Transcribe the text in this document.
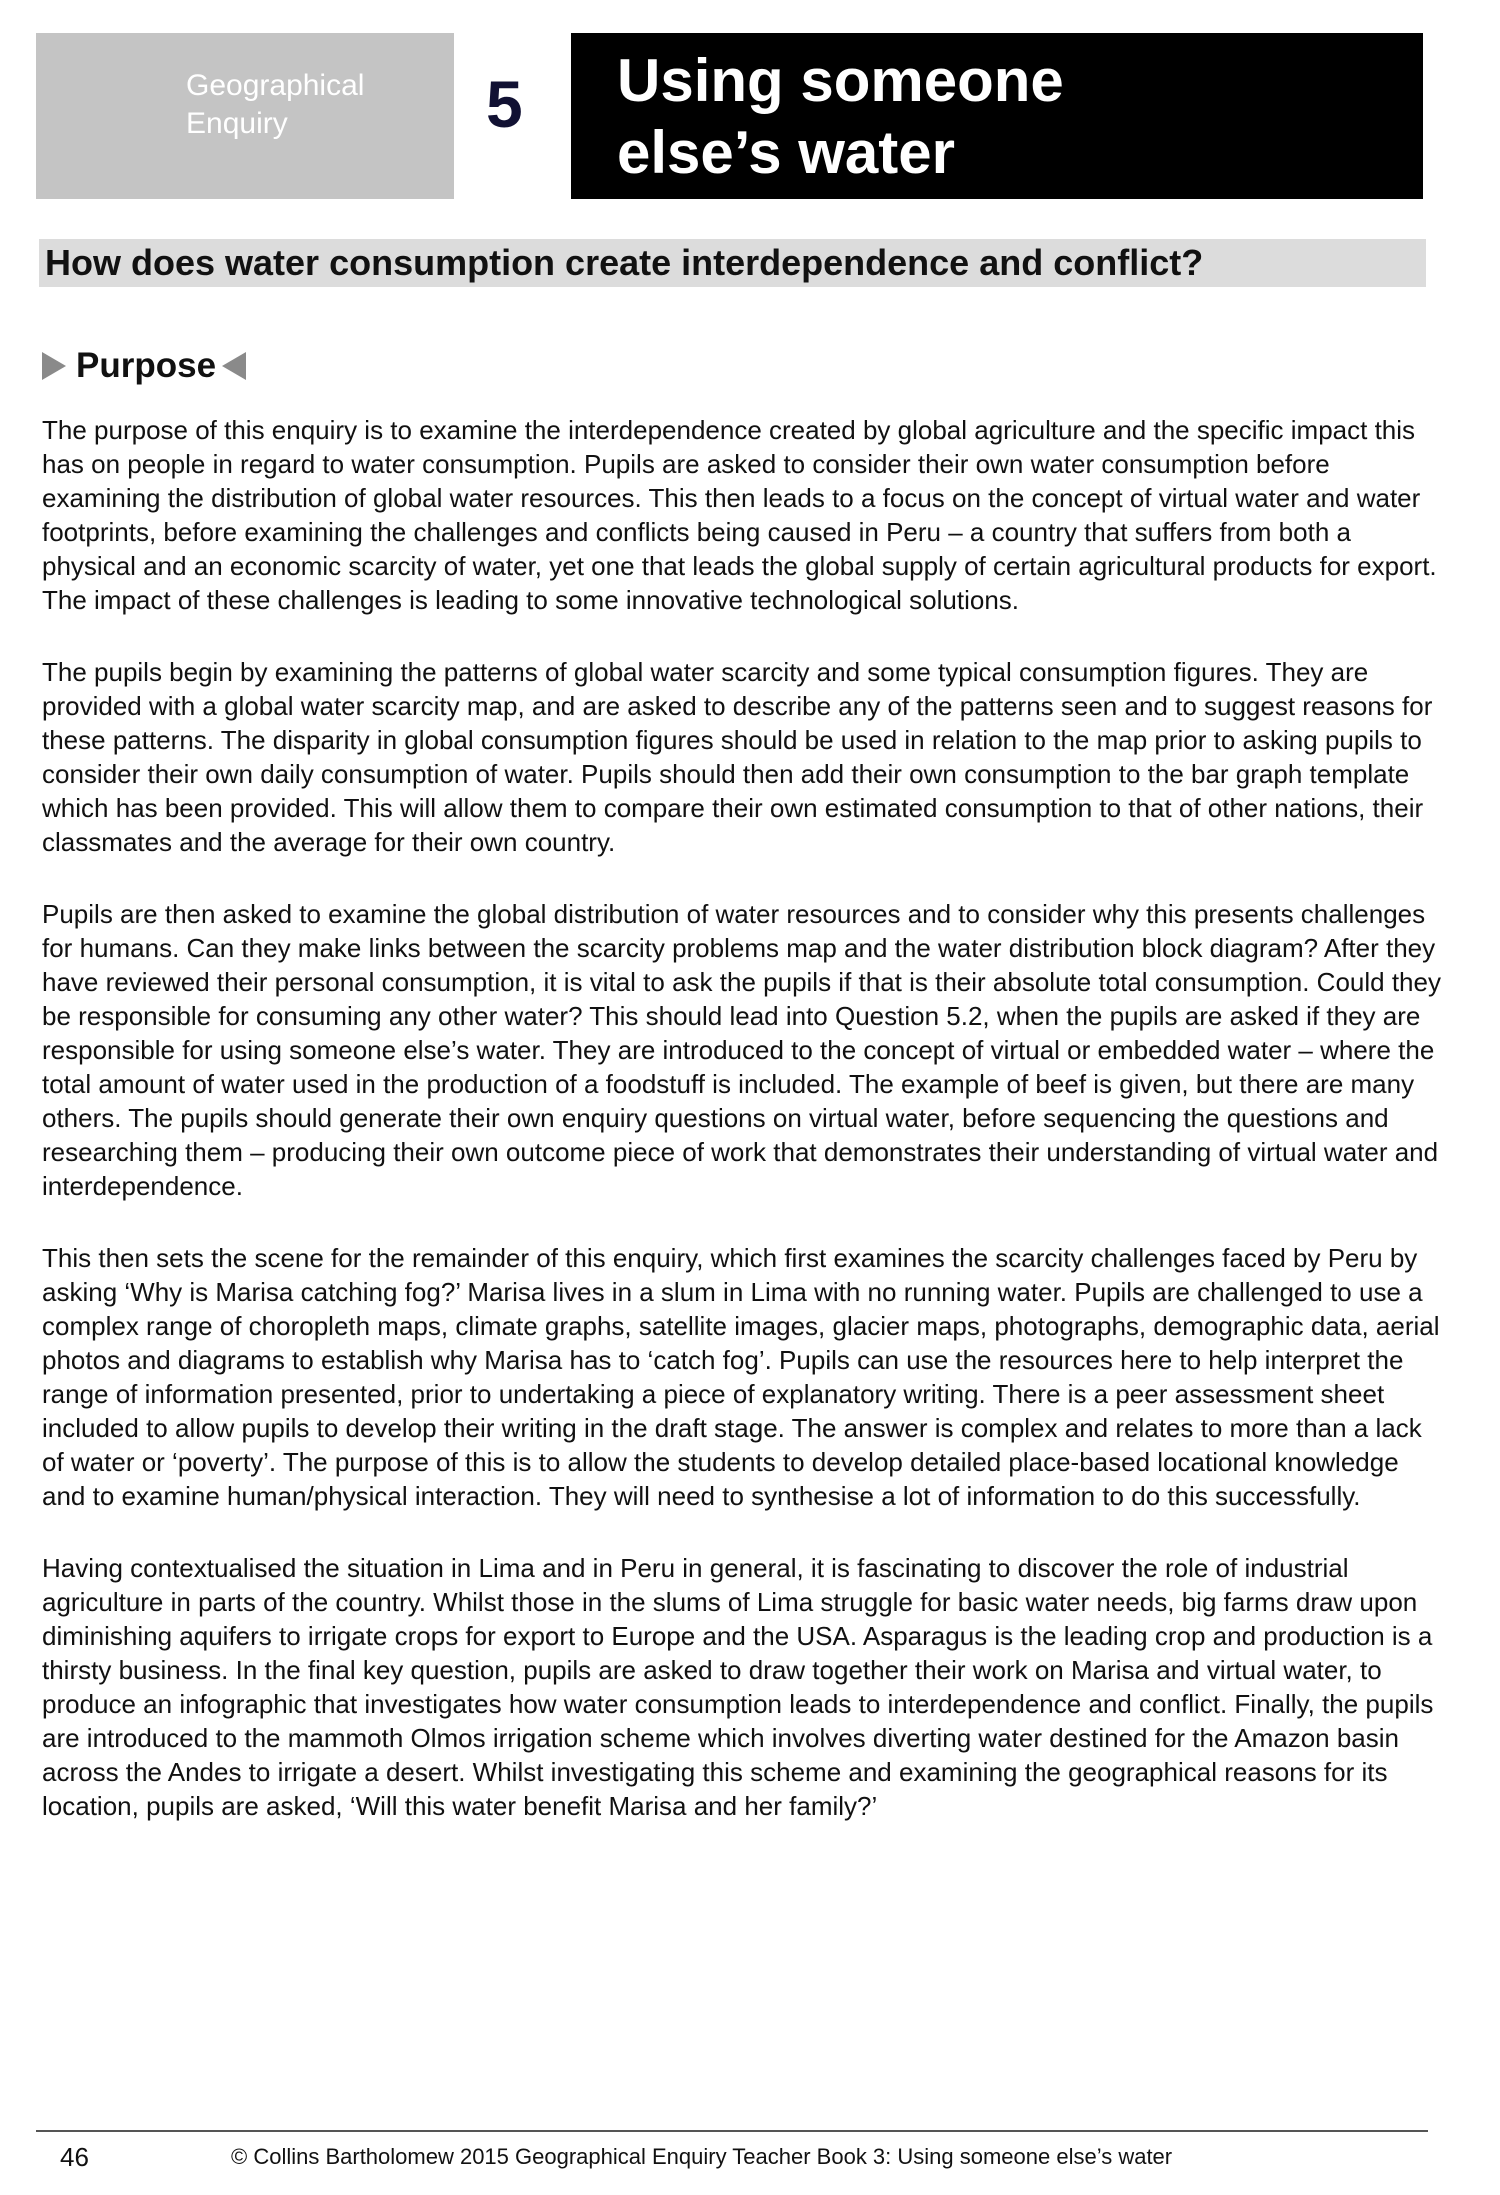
Geographical
Enquiry	5 Using someone
else’s water
How does water consumption create interdependence and conflict?
Purpose

The purpose of this enquiry is to examine the interdependence created by global agriculture and the specific impact this has on people in regard to water consumption. Pupils are asked to consider their own water consumption before examining the distribution of global water resources. This then leads to a focus on the concept of virtual water and water footprints, before examining the challenges and conflicts being caused in Peru – a country that suffers from both a physical and an economic scarcity of water, yet one that leads the global supply of certain agricultural products for export. The impact of these challenges is leading to some innovative technological solutions.

The pupils begin by examining the patterns of global water scarcity and some typical consumption figures. They are provided with a global water scarcity map, and are asked to describe any of the patterns seen and to suggest reasons for these patterns. The disparity in global consumption figures should be used in relation to the map prior to asking pupils to consider their own daily consumption of water. Pupils should then add their own consumption to the bar graph template which has been provided. This will allow them to compare their own estimated consumption to that of other nations, their classmates and the average for their own country.

Pupils are then asked to examine the global distribution of water resources and to consider why this presents challenges for humans. Can they make links between the scarcity problems map and the water distribution block diagram? After they have reviewed their personal consumption, it is vital to ask the pupils if that is their absolute total consumption. Could they be responsible for consuming any other water? This should lead into Question 5.2, when the pupils are asked if they are responsible for using someone else’s water. They are introduced to the concept of virtual or embedded water – where the total amount of water used in the production of a foodstuff is included. The example of beef is given, but there are many others. The pupils should generate their own enquiry questions on virtual water, before sequencing the questions and researching them – producing their own outcome piece of work that demonstrates their understanding of virtual water and interdependence.

This then sets the scene for the remainder of this enquiry, which first examines the scarcity challenges faced by Peru by asking ‘Why is Marisa catching fog?’ Marisa lives in a slum in Lima with no running water. Pupils are challenged to use a complex range of choropleth maps, climate graphs, satellite images, glacier maps, photographs, demographic data, aerial photos and diagrams to establish why Marisa has to ‘catch fog’. Pupils can use the resources here to help interpret the range of information presented, prior to undertaking a piece of explanatory writing. There is a peer assessment sheet included to allow pupils to develop their writing in the draft stage. The answer is complex and relates to more than a lack of water or ‘poverty’. The purpose of this is to allow the students to develop detailed place-based locational knowledge and to examine human/physical interaction. They will need to synthesise a lot of information to do this successfully.

Having contextualised the situation in Lima and in Peru in general, it is fascinating to discover the role of industrial agriculture in parts of the country. Whilst those in the slums of Lima struggle for basic water needs, big farms draw upon diminishing aquifers to irrigate crops for export to Europe and the USA. Asparagus is the leading crop and production is a thirsty business. In the final key question, pupils are asked to draw together their work on Marisa and virtual water, to produce an infographic that investigates how water consumption leads to interdependence and conflict. Finally, the pupils are introduced to the mammoth Olmos irrigation scheme which involves diverting water destined for the Amazon basin across the Andes to irrigate a desert. Whilst investigating this scheme and examining the geographical reasons for its location, pupils are asked, ‘Will this water benefit Marisa and her family?’

46	© Collins Bartholomew 2015 Geographical Enquiry Teacher Book 3: Using someone else’s water
